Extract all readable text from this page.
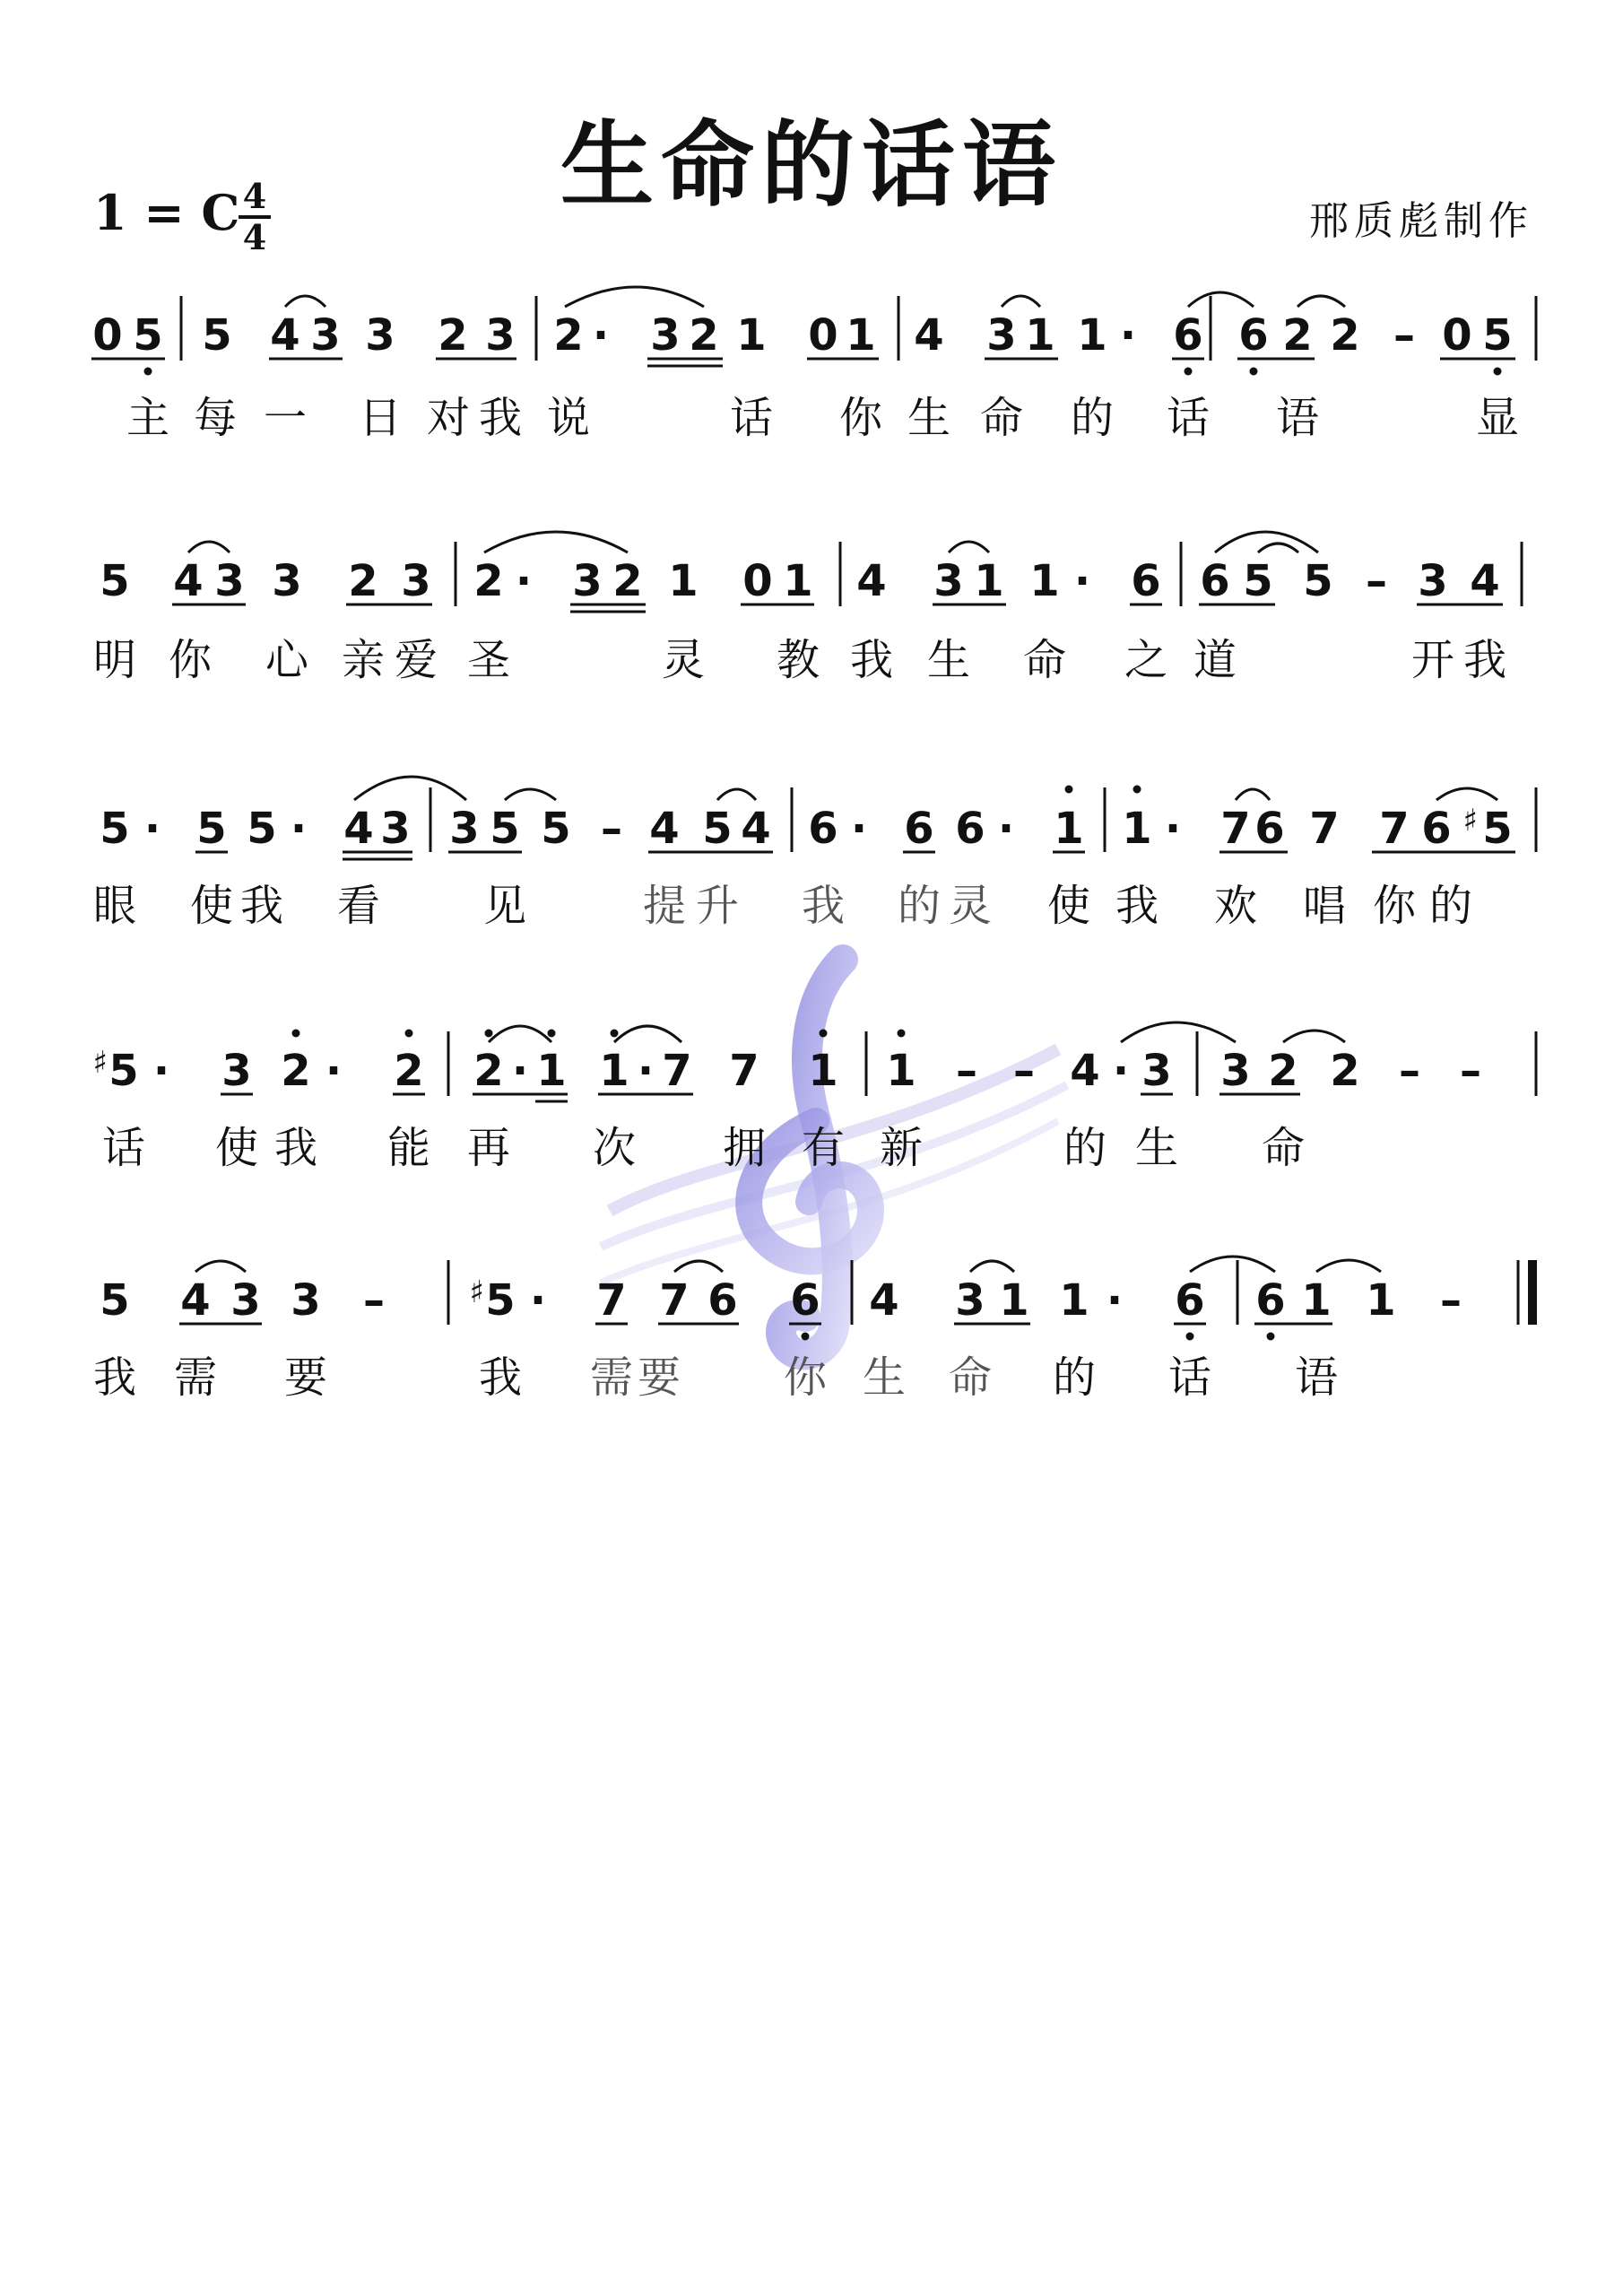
生命的话语
1 = C 4
4	邢质彪制作
0 5 5 4 3 3 2 3 2 · 3 2 1 0 1 4 3 1 1 · 6 6 2 2 – 0 5
主 每 一 日 对 我 说	话 你 生 命 的 话 语	显
5 4 3 3 2 3 2 · 3 2 1 0 1 4 3 1 1 · 6 6 5 5 – 3 4
明 你 心 亲 爱 圣	灵 教 我 生 命 之 道	开 我
5 · 5 5 · 4 3 3 5 5 – 4 5 4 6 · 6 6 · 1 1 · 7 6 7 7 6 ♯ 5
眼 使 我 看 见	提 升 我 的 灵 使 我 欢 唱 你 的
♯ 5 · 3 2 · 2 2 · 1 1 · 7 7 1 1 – – 4 · 3 3 2 2 – –
话 使 我 能 再 次 拥 有 新	的 生 命
5 4 3 3 –	♯ 5 · 7 7 6 6 4 3 1 1 · 6 6 1 1 –
我 需 要	我 需 要 你 生 命 的 话 语
